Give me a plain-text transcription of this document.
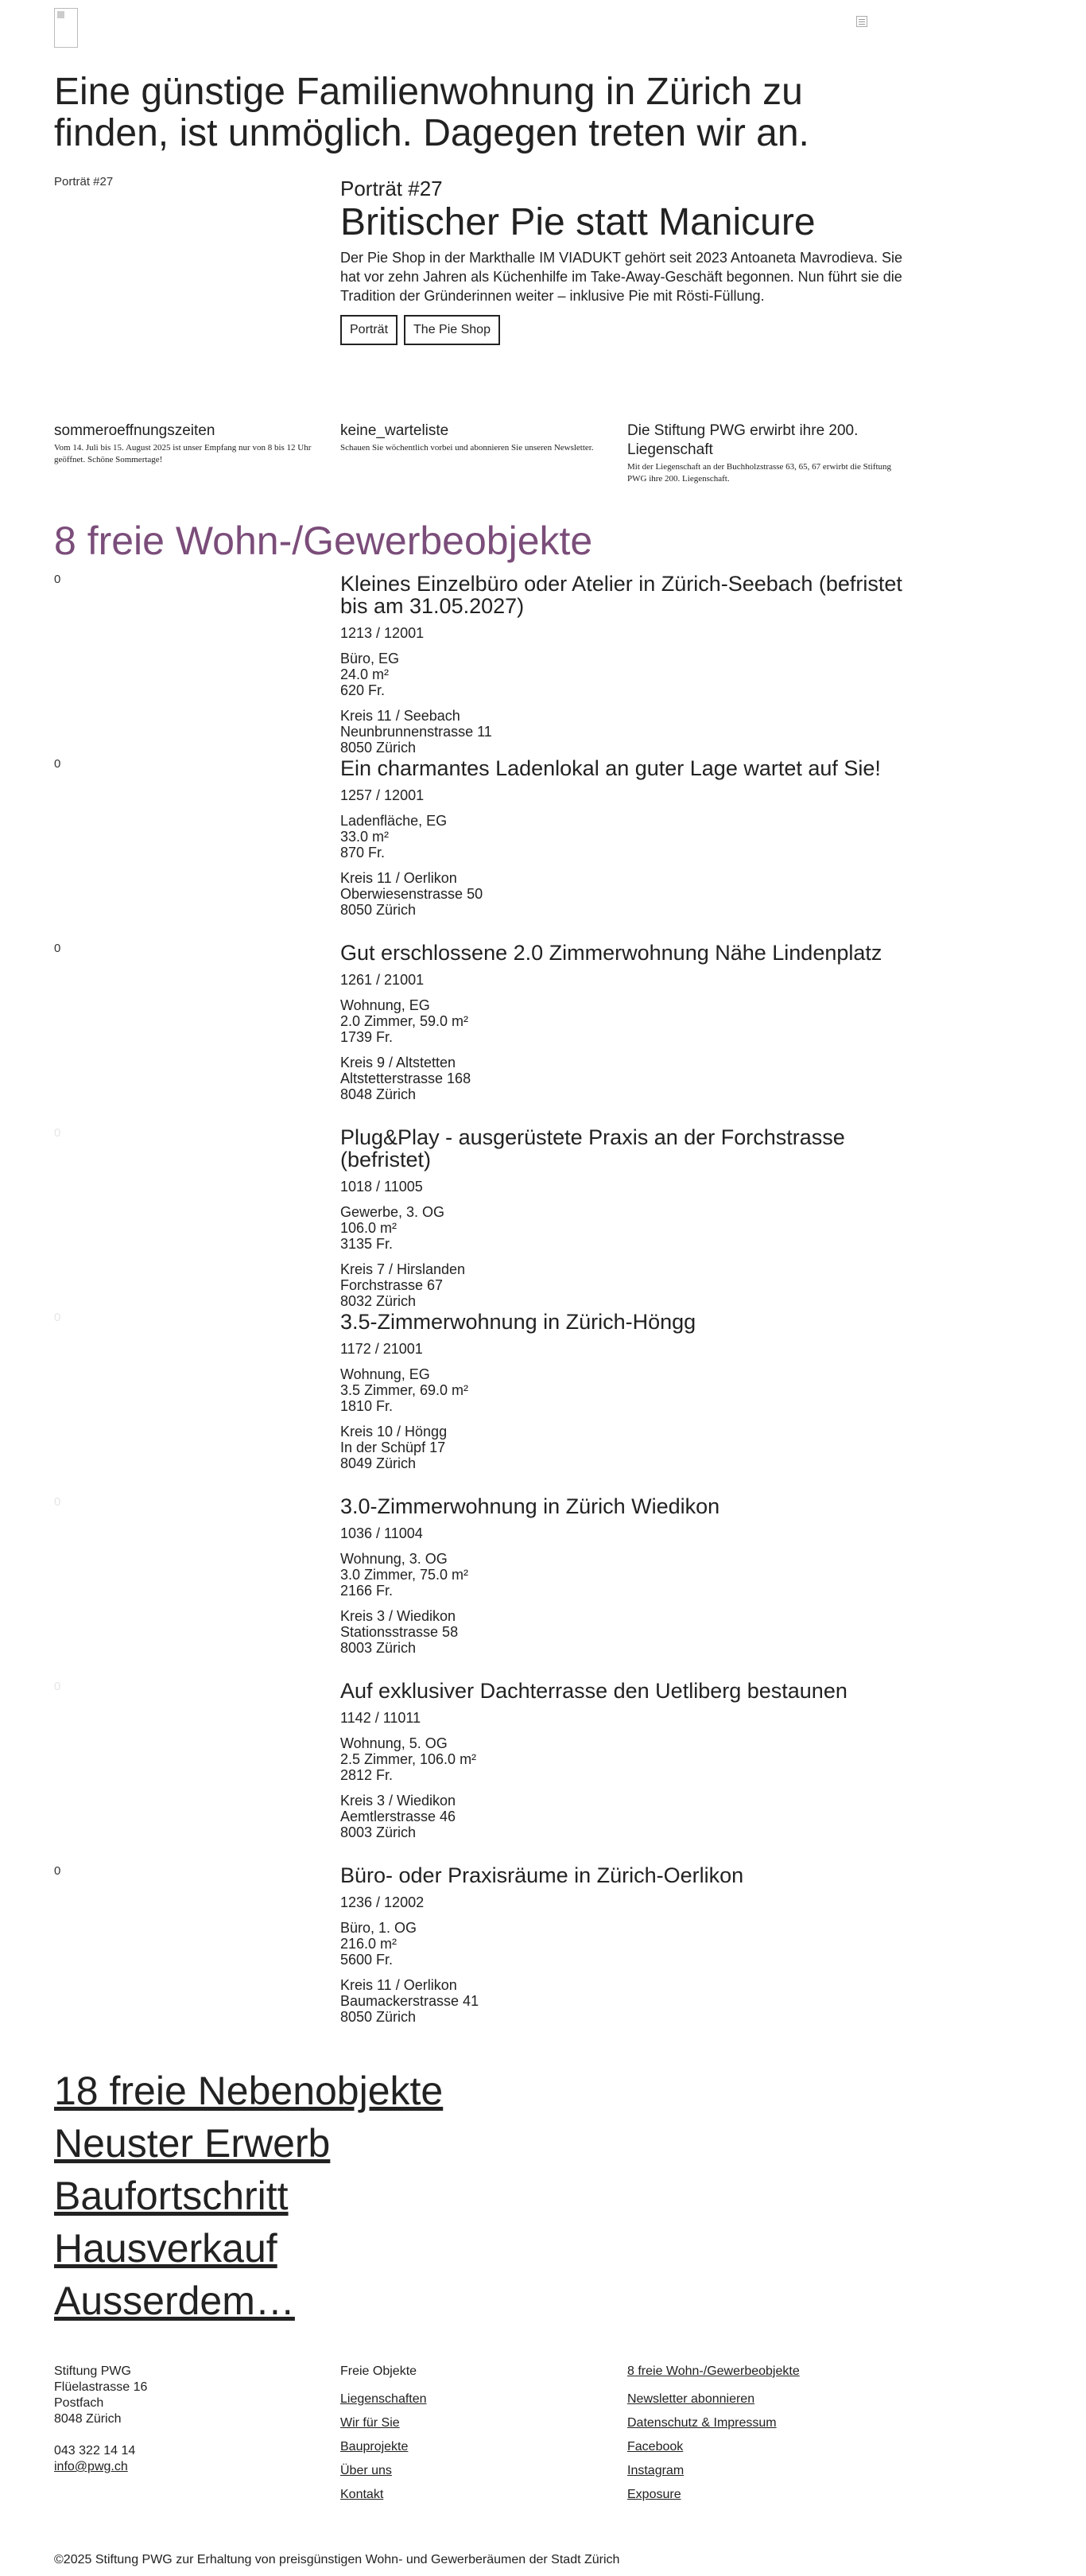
Eine günstige Familienwohnung in Zürich zu finden, ist unmöglich. Dagegen treten wir an.
Porträt #27	Porträt #27
Britischer Pie statt Manicure

Der Pie Shop in der Markthalle IM VIADUKT gehört seit 2023 Antoaneta Mavrodieva. Sie hat vor zehn Jahren als Küchenhilfe im Take-Away-Geschäft begonnen. Nun führt sie die Tradition der Gründerinnen weiter – inklusive Pie mit Rösti-Füllung.

Porträt The Pie Shop
sommeroeffnungszeiten
Vom 14. Juli bis 15. August 2025 ist unser Empfang nur von 8 bis 12 Uhr geöffnet. Schöne Sommertage!
keine_warteliste
Schauen Sie wöchentlich vorbei und abonnieren Sie unseren Newsletter.
Die Stiftung PWG erwirbt ihre 200. Liegenschaft
Mit der Liegenschaft an der Buchholzstrasse 63, 65, 67 erwirbt die Stiftung PWG ihre 200. Liegenschaft.
8 freie Wohn-/Gewerbeobjekte
0	Kleines Einzelbüro oder Atelier in Zürich-Seebach (befristet bis am 31.05.2027)
1213 / 12001
Büro, EG
24.0 m²
620 Fr.
Kreis 11 / Seebach
Neunbrunnenstrasse 11
8050 Zürich
0	Ein charmantes Ladenlokal an guter Lage wartet auf Sie!
1257 / 12001
Ladenfläche, EG
33.0 m²
870 Fr.
Kreis 11 / Oerlikon
Oberwiesenstrasse 50
8050 Zürich
0	Gut erschlossene 2.0 Zimmerwohnung Nähe Lindenplatz
1261 / 21001
Wohnung, EG
2.0 Zimmer, 59.0 m²
1739 Fr.
Kreis 9 / Altstetten
Altstetterstrasse 168
8048 Zürich
0	Plug&Play - ausgerüstete Praxis an der Forchstrasse (befristet)
1018 / 11005
Gewerbe, 3. OG
106.0 m²
3135 Fr.
Kreis 7 / Hirslanden
Forchstrasse 67
8032 Zürich
0	3.5-Zimmerwohnung in Zürich-Höngg
1172 / 21001
Wohnung, EG
3.5 Zimmer, 69.0 m²
1810 Fr.
Kreis 10 / Höngg
In der Schüpf 17
8049 Zürich
0	3.0-Zimmerwohnung in Zürich Wiedikon
1036 / 11004
Wohnung, 3. OG
3.0 Zimmer, 75.0 m²
2166 Fr.
Kreis 3 / Wiedikon
Stationsstrasse 58
8003 Zürich
0	Auf exklusiver Dachterrasse den Uetliberg bestaunen
1142 / 11011
Wohnung, 5. OG
2.5 Zimmer, 106.0 m²
2812 Fr.
Kreis 3 / Wiedikon
Aemtlerstrasse 46
8003 Zürich
0	Büro- oder Praxisräume in Zürich-Oerlikon
1236 / 12002
Büro, 1. OG
216.0 m²
5600 Fr.
Kreis 11 / Oerlikon
Baumackerstrasse 41
8050 Zürich
18 freie Nebenobjekte
Neuster Erwerb
Baufortschritt
Hausverkauf
Ausserdem…
Stiftung PWG
Flüelastrasse 16
Postfach
8048 Zürich
043 322 14 14
info@pwg.ch
Freie Objekte
Liegenschaften
Wir für Sie
Bauprojekte
Über uns
Kontakt
8 freie Wohn-/Gewerbeobjekte
Newsletter abonnieren
Datenschutz & Impressum
Facebook
Instagram
Exposure
©2025 Stiftung PWG zur Erhaltung von preisgünstigen Wohn- und Gewerberäumen der Stadt Zürich
